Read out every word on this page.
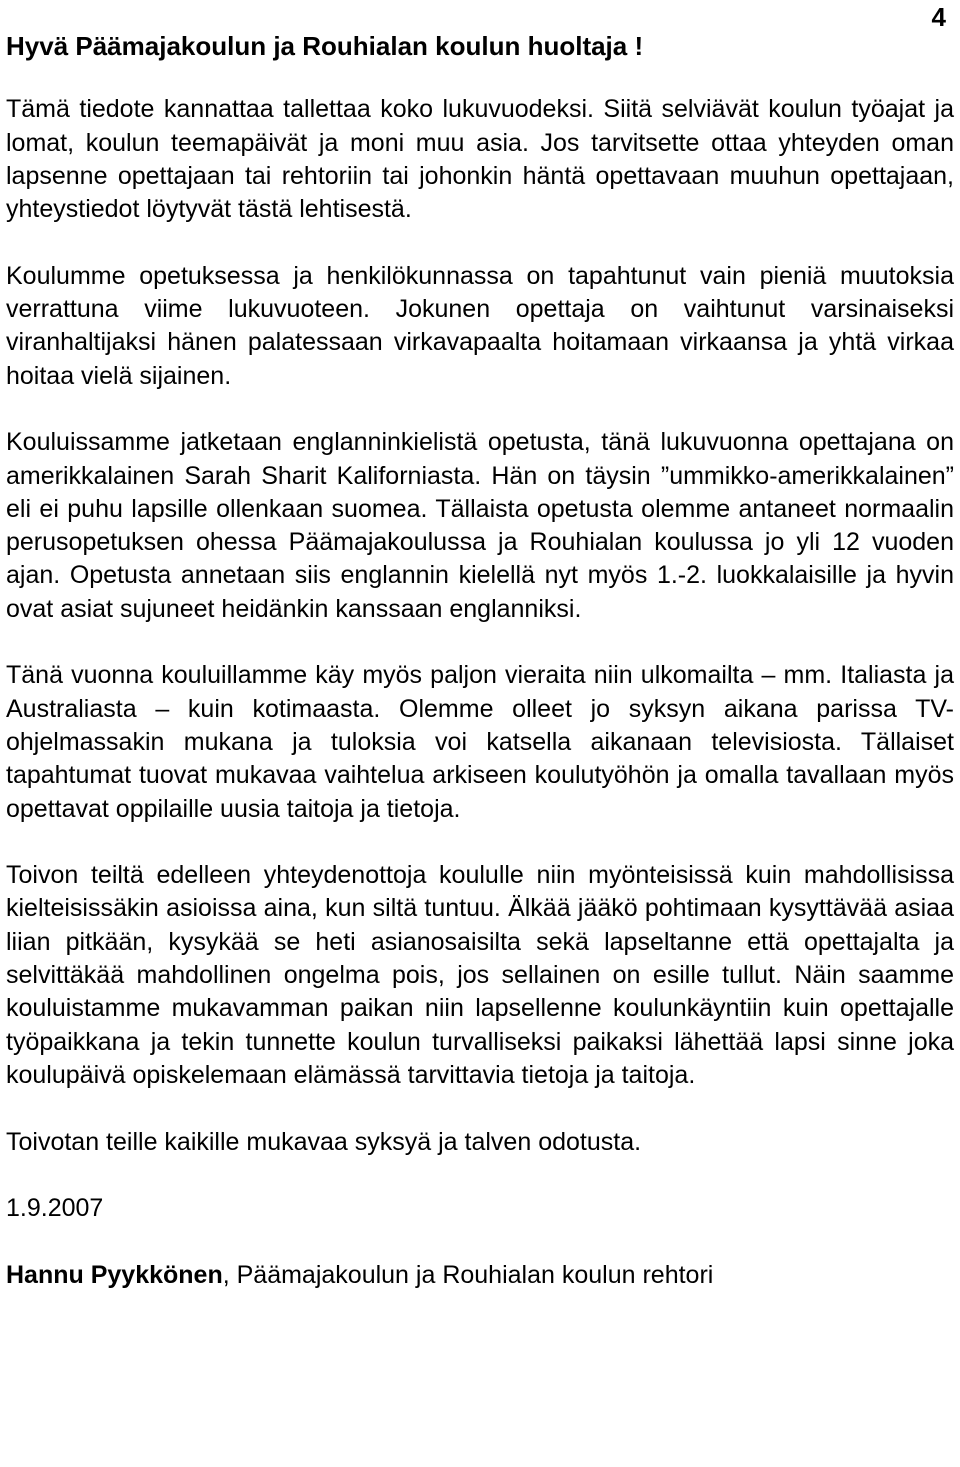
4

Hyvä Päämajakoulun ja Rouhialan koulun huoltaja !

Tämä tiedote kannattaa tallettaa koko lukuvuodeksi. Siitä selviävät koulun työajat ja lomat, koulun teemapäivät ja moni muu asia. Jos tarvitsette ottaa yhteyden oman lapsenne opettajaan tai rehtoriin tai johonkin häntä opettavaan muuhun opettajaan, yhteystiedot löytyvät tästä lehtisestä.

Koulumme opetuksessa ja henkilökunnassa on tapahtunut vain pieniä muutoksia verrattuna viime lukuvuoteen. Jokunen opettaja on vaihtunut varsinaiseksi viranhaltijaksi hänen palatessaan virkavapaalta hoitamaan virkaansa ja yhtä virkaa hoitaa vielä sijainen.

Kouluissamme jatketaan englanninkielistä opetusta, tänä lukuvuonna opettajana on amerikkalainen Sarah Sharit Kaliforniasta. Hän on täysin ”ummikko-amerikkalainen” eli ei puhu lapsille ollenkaan suomea. Tällaista opetusta olemme antaneet normaalin perusopetuksen ohessa Päämajakoulussa ja Rouhialan koulussa jo yli 12 vuoden ajan. Opetusta annetaan siis englannin kielellä nyt myös 1.-2. luokkalaisille ja hyvin ovat asiat sujuneet heidänkin kanssaan englanniksi.

Tänä vuonna kouluillamme käy myös paljon vieraita niin ulkomailta – mm. Italiasta ja Australiasta – kuin kotimaasta. Olemme olleet jo syksyn aikana parissa TV-ohjelmassakin mukana ja tuloksia voi katsella aikanaan televisiosta. Tällaiset tapahtumat tuovat mukavaa vaihtelua arkiseen koulutyöhön ja omalla tavallaan myös opettavat oppilaille uusia taitoja ja tietoja.

Toivon teiltä edelleen yhteydenottoja koululle niin myönteisissä kuin mahdollisissa kielteisissäkin asioissa aina, kun siltä tuntuu. Älkää jääkö pohtimaan kysyttävää asiaa liian pitkään, kysykää se heti asianosaisilta sekä lapseltanne että opettajalta ja selvittäkää mahdollinen ongelma pois, jos sellainen on esille tullut. Näin saamme kouluistamme mukavamman paikan niin lapsellenne koulunkäyntiin kuin opettajalle työpaikkana ja tekin tunnette koulun turvalliseksi paikaksi lähettää lapsi sinne joka koulupäivä opiskelemaan elämässä tarvittavia tietoja ja taitoja.

Toivotan teille kaikille mukavaa syksyä ja talven odotusta.

1.9.2007

Hannu Pyykkönen, Päämajakoulun ja Rouhialan koulun rehtori
